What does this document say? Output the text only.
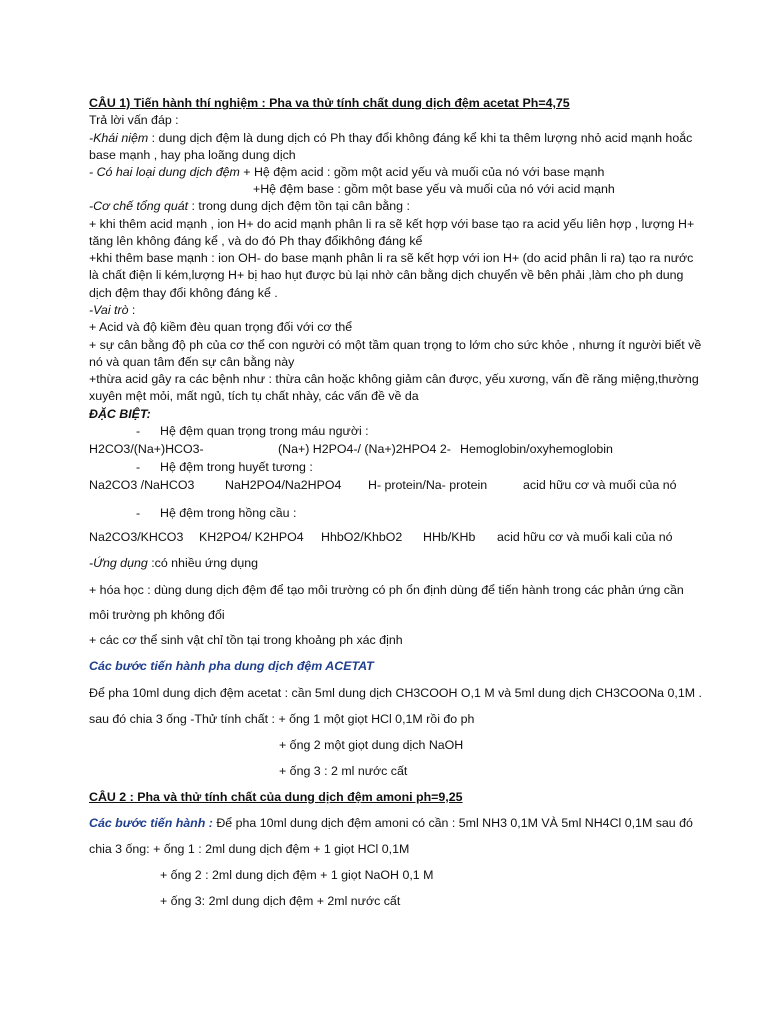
CÂU 1) Tiến hành thí nghiệm : Pha va thử tính chất dung dịch đệm acetat Ph=4,75
Trả lời vấn đáp :
-Khái niệm : dung dịch đệm là dung dịch có Ph thay đổi không đáng kể khi ta thêm lượng nhỏ acid mạnh hoắc
base mạnh , hay pha loãng dung dịch
- Có hai loại dung dịch đệm + Hệ đệm acid : gồm một acid yếu và muối của nó với base mạnh
+Hệ đệm base : gồm một base yếu và muối của nó với acid mạnh
-Cơ chế tổng quát : trong dung dịch đệm tồn tại cân bằng :
+ khi thêm acid mạnh , ion H+ do acid mạnh phân li ra sẽ kết hợp với base tạo ra acid yếu liên hợp , lượng H+
tăng lên không đáng kể , và do đó Ph thay đổikhông đáng kể
+khi thêm base mạnh : ion OH- do base mạnh phân li ra sẽ kết hợp với ion H+ (do acid phân li ra) tạo ra nước
là chất điện li kém,lượng H+ bị hao hụt được bù lại nhờ cân bằng dịch chuyển về bên phải ,làm cho ph dung
dịch đệm thay đổi không đáng kể .
-Vai trò :
+ Acid và độ kiềm đèu quan trọng đối với cơ thể
+ sự cân bằng độ ph của cơ thể con người có một tầm quan trọng to lớm cho sức khỏe , nhưng ít người biết về
nó và quan tâm đến sự cân bằng này
+thừa acid gây ra các bệnh như : thừa cân hoặc không giảm cân được, yếu xương, vấn đề răng miệng,thường
xuyên mệt mỏi, mất ngủ, tích tụ chất nhày, các vấn đề về da
ĐẶC BIỆT:
- Hệ đệm quan trọng trong máu người :
H2CO3/(Na+)HCO3-	(Na+) H2PO4-/ (Na+)2HPO4 2- Hemoglobin/oxyhemoglobin
- Hệ đệm trong huyết tương :
Na2CO3 /NaHCO3 NaH2PO4/Na2HPO4 H- protein/Na- protein	acid hữu cơ và muối của nó
- Hệ đệm trong hồng cầu :
Na2CO3/KHCO3 KH2PO4/ K2HPO4 HhbO2/KhbO2 HHb/KHb acid hữu cơ và muối kali của nó
-Ứng dụng :có nhiều ứng dụng
+ hóa học : dùng dung dịch đệm để tạo môi trường có ph ổn định dùng để tiến hành trong các phản ứng cần
môi trường ph không đổi
+ các cơ thể sinh vật chỉ tồn tại trong khoảng ph xác định
Các bước tiến hành pha dung dịch đệm ACETAT
Để pha 10ml dung dịch đệm acetat : cần 5ml dung dịch CH3COOH O,1 M và 5ml dung dịch CH3COONa 0,1M .
sau đó chia 3 ống -Thử tính chất : + ống 1 một giọt HCl 0,1M rồi đo ph
+ ống 2 một giọt dung dịch NaOH
+ ống 3 : 2 ml nước cất
CÂU 2 : Pha và thử tính chất của dung dịch đệm amoni ph=9,25
Các bước tiến hành : Để pha 10ml dung dịch đệm amoni có cần : 5ml NH3 0,1M VÀ 5ml NH4Cl 0,1M sau đó
chia 3 ống: + ống 1 : 2ml dung dịch đệm + 1 giọt HCl 0,1M
+ ống 2 : 2ml dung dịch đệm + 1 giọt NaOH 0,1 M
+ ống 3: 2ml dung dịch đệm + 2ml nước cất
